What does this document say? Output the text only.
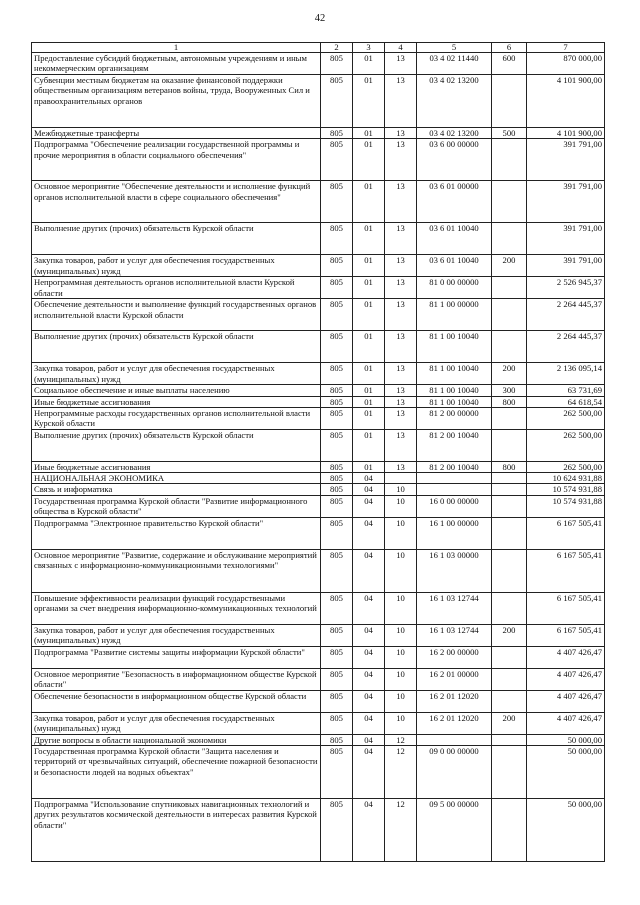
42
1	2	3	4	5	6	7
Предоставление субсидий бюджетным, автономным учреждениям и иным некоммерческим организациям	805	01	13	03 4 02 11440	600	870 000,00
Субвенции местным бюджетам на оказание финансовой поддержки общественным организациям ветеранов войны, труда, Вооруженных Сил и правоохранительных органов	805	01	13	03 4 02 13200		4 101 900,00
Межбюджетные трансферты	805	01	13	03 4 02 13200	500	4 101 900,00
Подпрограмма "Обеспечение реализации государственной программы и прочие мероприятия в области социального обеспечения"	805	01	13	03 6 00 00000		391 791,00
Основное мероприятие "Обеспечение деятельности и исполнение функций органов исполнительной власти в сфере социального обеспечения"	805	01	13	03 6 01 00000		391 791,00
Выполнение других (прочих) обязательств Курской области	805	01	13	03 6 01 10040		391 791,00
Закупка товаров, работ и услуг для обеспечения государственных (муниципальных) нужд	805	01	13	03 6 01 10040	200	391 791,00
Непрограммная деятельность органов исполнительной власти Курской области	805	01	13	81 0 00 00000		2 526 945,37
Обеспечение деятельности и выполнение функций государственных органов исполнительной власти Курской области	805	01	13	81 1 00 00000		2 264 445,37
Выполнение других (прочих) обязательств Курской области	805	01	13	81 1 00 10040		2 264 445,37
Закупка товаров, работ и услуг для обеспечения государственных (муниципальных) нужд	805	01	13	81 1 00 10040	200	2 136 095,14
Социальное обеспечение и иные выплаты населению	805	01	13	81 1 00 10040	300	63 731,69
Иные бюджетные ассигнования	805	01	13	81 1 00 10040	800	64 618,54
Непрограммные расходы государственных органов исполнительной власти Курской области	805	01	13	81 2 00 00000		262 500,00
Выполнение других (прочих) обязательств Курской области	805	01	13	81 2 00 10040		262 500,00
Иные бюджетные ассигнования	805	01	13	81 2 00 10040	800	262 500,00
НАЦИОНАЛЬНАЯ ЭКОНОМИКА	805	04				10 624 931,88
Связь и информатика	805	04	10			10 574 931,88
Государственная программа Курской области "Развитие информационного общества в Курской области"	805	04	10	16 0 00 00000		10 574 931,88
Подпрограмма "Электронное правительство Курской области"	805	04	10	16 1 00 00000		6 167 505,41
Основное мероприятие "Развитие, содержание и обслуживание мероприятий связанных с информационно-коммуникационными технологиями"	805	04	10	16 1 03 00000		6 167 505,41
Повышение эффективности реализации функций государственными органами за счет внедрения информационно-коммуникационных технологий	805	04	10	16 1 03 12744		6 167 505,41
Закупка товаров, работ и услуг для обеспечения государственных (муниципальных) нужд	805	04	10	16 1 03 12744	200	6 167 505,41
Подпрограмма "Развитие системы защиты информации Курской области"	805	04	10	16 2 00 00000		4 407 426,47
Основное мероприятие "Безопасность в информационном обществе Курской области"	805	04	10	16 2 01 00000		4 407 426,47
Обеспечение безопасности в информационном обществе Курской области	805	04	10	16 2 01 12020		4 407 426,47
Закупка товаров, работ и услуг для обеспечения государственных (муниципальных) нужд	805	04	10	16 2 01 12020	200	4 407 426,47
Другие вопросы в области национальной экономики	805	04	12			50 000,00
Государственная программа Курской области "Защита населения и территорий от чрезвычайных ситуаций, обеспечение пожарной безопасности и безопасности людей на водных объектах"	805	04	12	09 0 00 00000		50 000,00
Подпрограмма "Использование спутниковых навигационных технологий и других результатов космической деятельности в интересах развития Курской области"	805	04	12	09 5 00 00000		50 000,00
